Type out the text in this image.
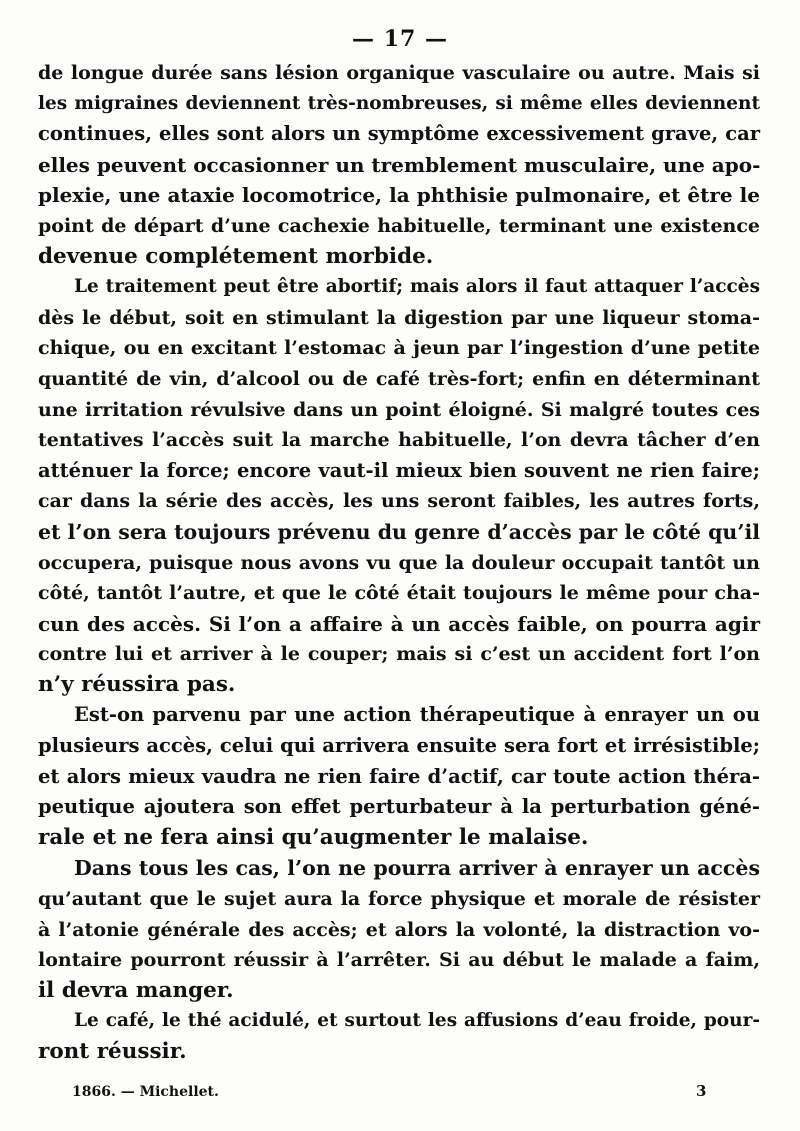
— 17 —
de longue durée sans lésion organique vasculaire ou autre. Mais si
les migraines deviennent très-nombreuses, si même elles deviennent
continues, elles sont alors un symptôme excessivement grave, car
elles peuvent occasionner un tremblement musculaire, une apo-
plexie, une ataxie locomotrice, la phthisie pulmonaire, et être le
point de départ d’une cachexie habituelle, terminant une existence
devenue complétement morbide.
Le traitement peut être abortif; mais alors il faut attaquer l’accès
dès le début, soit en stimulant la digestion par une liqueur stoma-
chique, ou en excitant l’estomac à jeun par l’ingestion d’une petite
quantité de vin, d’alcool ou de café très-fort; enfin en déterminant
une irritation révulsive dans un point éloigné. Si malgré toutes ces
tentatives l’accès suit la marche habituelle, l’on devra tâcher d’en
atténuer la force; encore vaut-il mieux bien souvent ne rien faire;
car dans la série des accès, les uns seront faibles, les autres forts,
et l’on sera toujours prévenu du genre d’accès par le côté qu’il
occupera, puisque nous avons vu que la douleur occupait tantôt un
côté, tantôt l’autre, et que le côté était toujours le même pour cha-
cun des accès. Si l’on a affaire à un accès faible, on pourra agir
contre lui et arriver à le couper; mais si c’est un accident fort l’on
n’y réussira pas.
Est-on parvenu par une action thérapeutique à enrayer un ou
plusieurs accès, celui qui arrivera ensuite sera fort et irrésistible;
et alors mieux vaudra ne rien faire d’actif, car toute action théra-
peutique ajoutera son effet perturbateur à la perturbation géné-
rale et ne fera ainsi qu’augmenter le malaise.
Dans tous les cas, l’on ne pourra arriver à enrayer un accès
qu’autant que le sujet aura la force physique et morale de résister
à l’atonie générale des accès; et alors la volonté, la distraction vo-
lontaire pourront réussir à l’arrêter. Si au début le malade a faim,
il devra manger.
Le café, le thé acidulé, et surtout les affusions d’eau froide, pour-
ront réussir.
1866. — Michellet.	3
